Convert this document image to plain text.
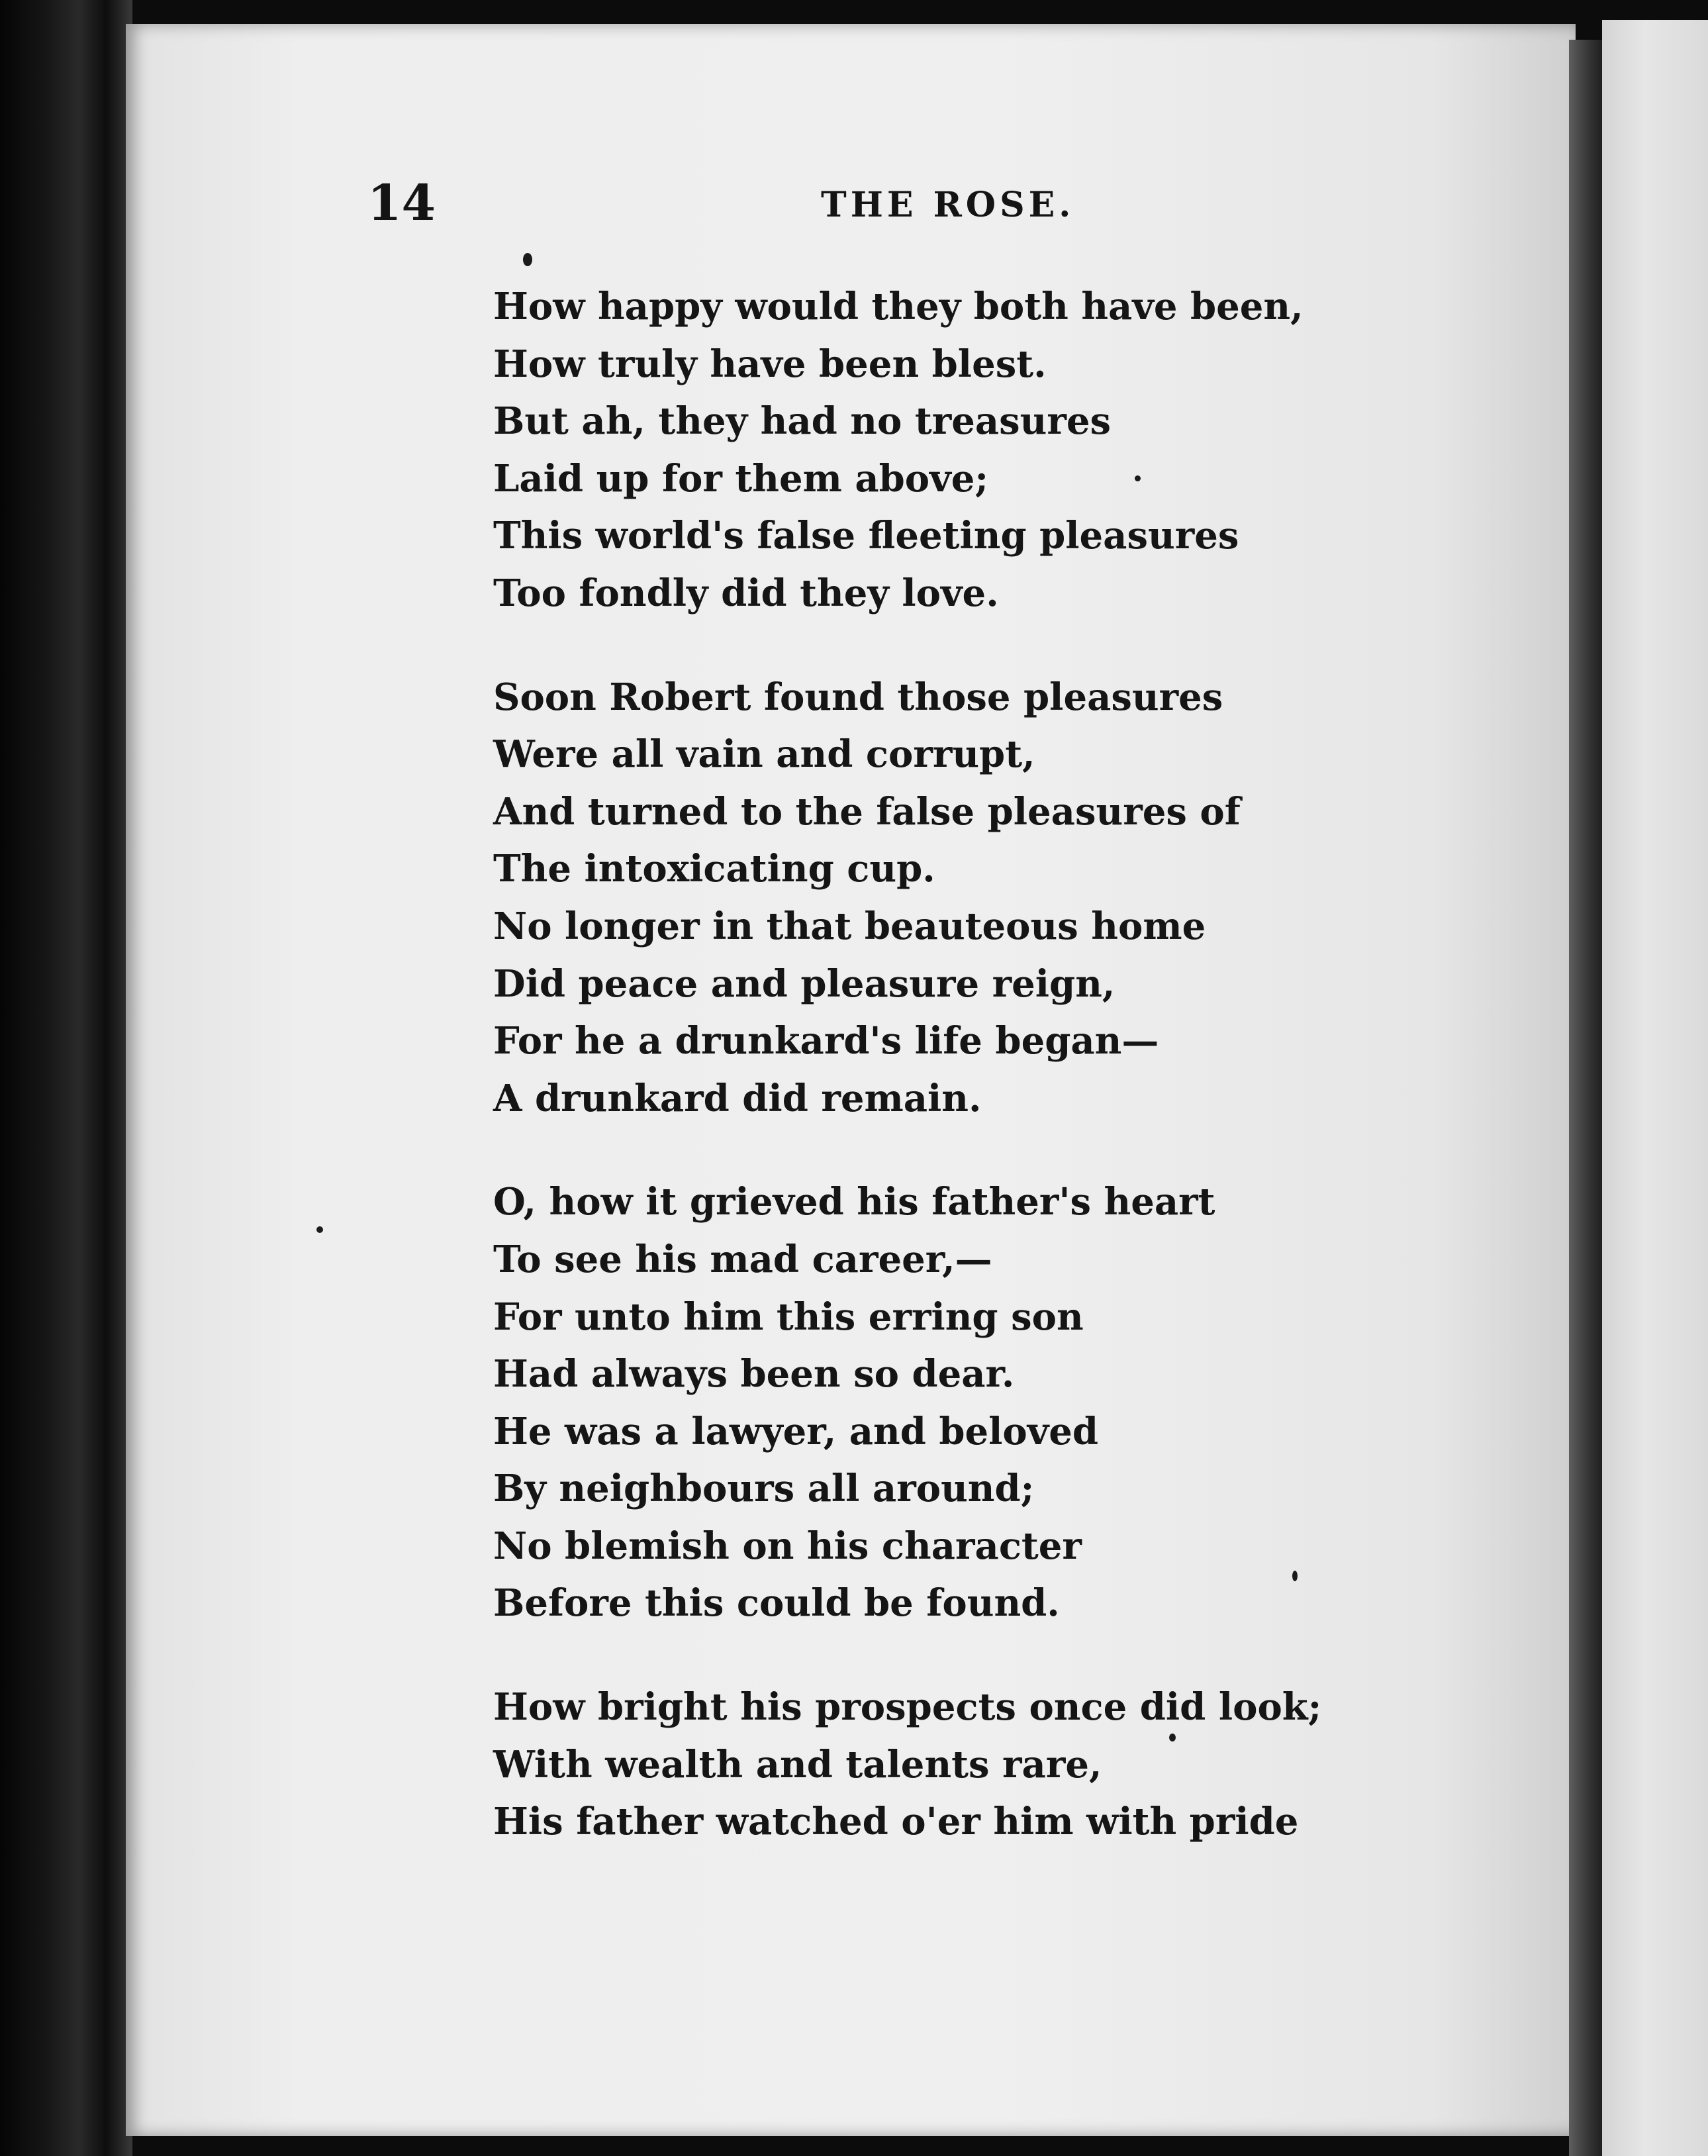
14	THE ROSE.
How happy would they both have been,
How truly have been blest.
But ah, they had no treasures
Laid up for them above;
This world's false fleeting pleasures
Too fondly did they love.
Soon Robert found those pleasures
Were all vain and corrupt,
And turned to the false pleasures of
The intoxicating cup.
No longer in that beauteous home
Did peace and pleasure reign,
For he a drunkard's life began—
A drunkard did remain.
O, how it grieved his father's heart
To see his mad career,—
For unto him this erring son
Had always been so dear.
He was a lawyer, and beloved
By neighbours all around;
No blemish on his character
Before this could be found.
How bright his prospects once did look;
With wealth and talents rare,
His father watched o'er him with pride
